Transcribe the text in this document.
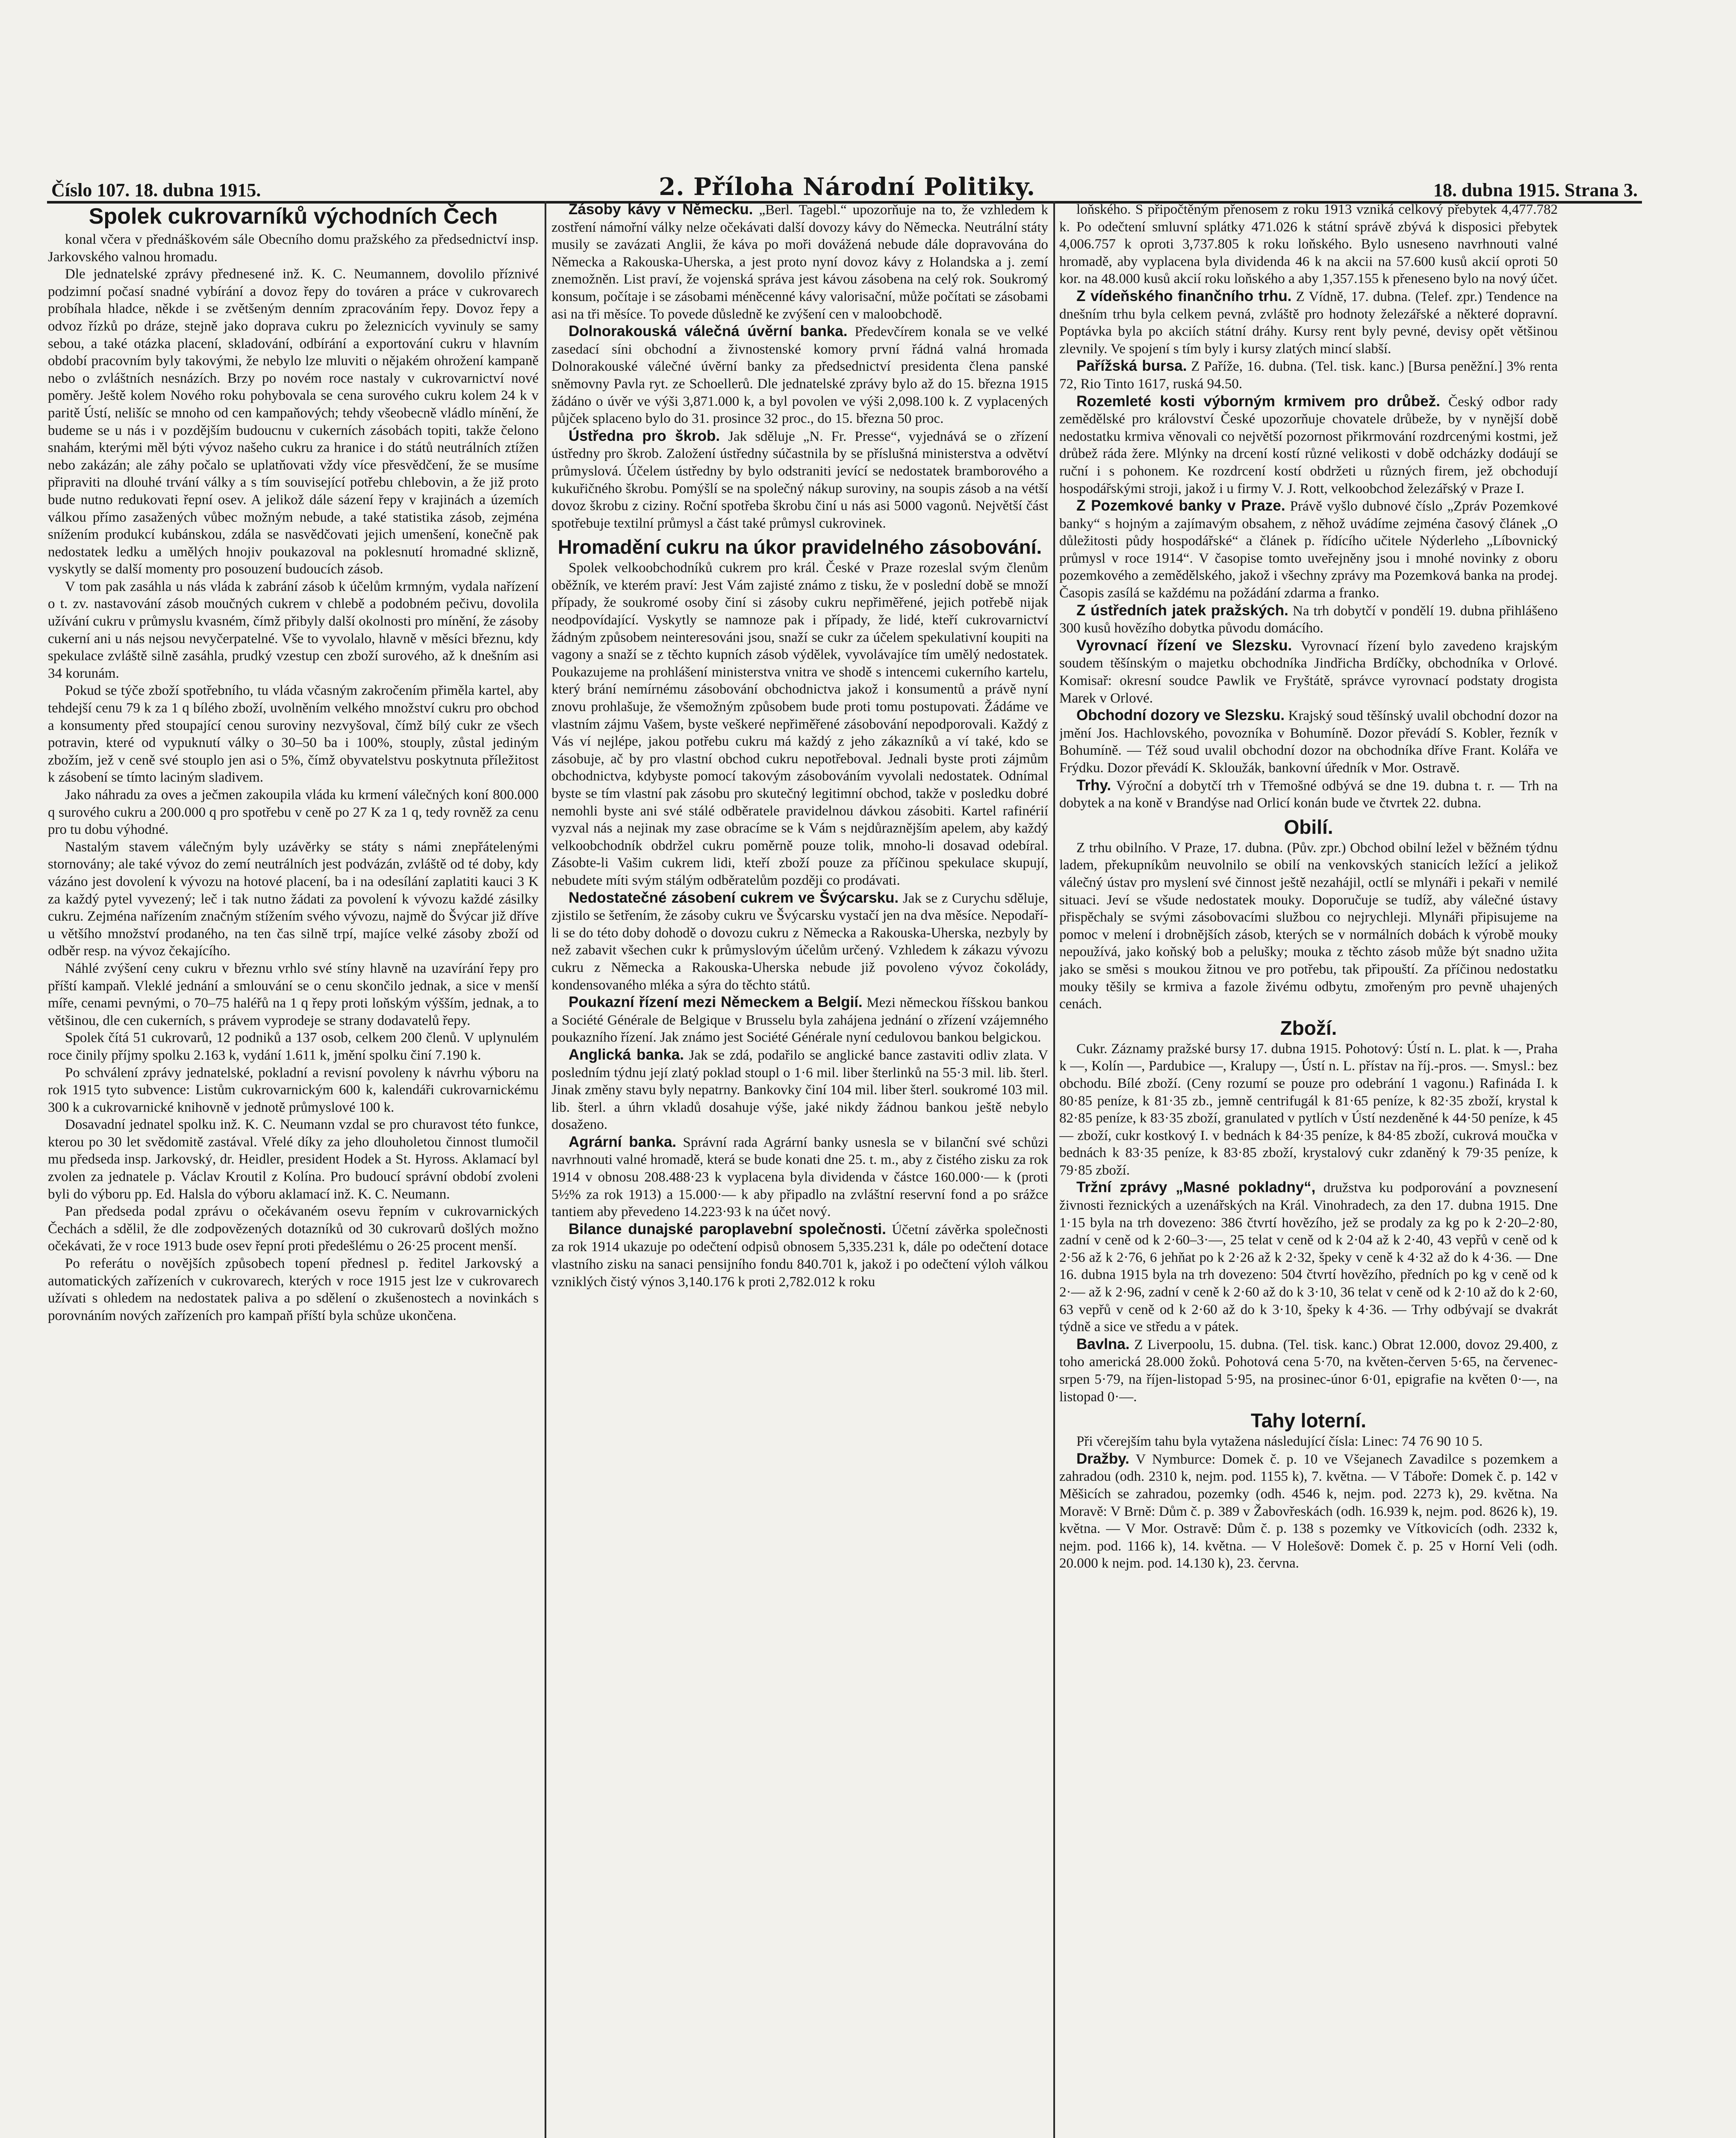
Číslo 107. 18. dubna 1915.	2. Příloha Národní Politiky.	18. dubna 1915. Strana 3.
Spolek cukrovarníků východních Čech

konal včera v přednáškovém sále Obecního domu pražského za předsednictví insp. Jarkovského valnou hromadu.

Dle jednatelské zprávy přednesené inž. K. C. Neumannem, dovolilo příznivé podzimní počasí snadné vybírání a dovoz řepy do továren a práce v cukrovarech probíhala hladce, někde i se zvětšeným denním zpracováním řepy. Dovoz řepy a odvoz řízků po dráze, stejně jako doprava cukru po železnicích vyvinuly se samy sebou, a také otázka placení, skladování, odbírání a exportování cukru v hlavním období pracovním byly takovými, že nebylo lze mluviti o nějakém ohrožení kampaně nebo o zvláštních nesnázích. Brzy po novém roce nastaly v cukrovarnictví nové poměry. Ještě kolem Nového roku pohybovala se cena surového cukru kolem 24 k v paritě Ústí, nelišíc se mnoho od cen kampaňových; tehdy všeobecně vládlo mínění, že budeme se u nás i v pozdějším budoucnu v cukerních zásobách topiti, takže čelono snahám, kterými měl býti vývoz našeho cukru za hranice i do států neutrálních ztížen nebo zakázán; ale záhy počalo se uplatňovati vždy více přesvědčení, že se musíme připraviti na dlouhé trvání války a s tím související potřebu chlebovin, a že již proto bude nutno redukovati řepní osev. A jelikož dále sázení řepy v krajinách a územích válkou přímo zasažených vůbec možným nebude, a také statistika zásob, zejména snížením produkcí kubánskou, zdála se nasvědčovati jejich umenšení, konečně pak nedostatek ledku a umělých hnojiv poukazoval na poklesnutí hromadné sklizně, vyskytly se další momenty pro posouzení budoucích zásob.

V tom pak zasáhla u nás vláda k zabrání zásob k účelům krmným, vydala nařízení o t. zv. nastavování zásob moučných cukrem v chlebě a podobném pečivu, dovolila užívání cukru v průmyslu kvasném, čímž přibyly další okolnosti pro mínění, že zásoby cukerní ani u nás nejsou nevyčerpatelné. Vše to vyvolalo, hlavně v měsíci březnu, kdy spekulace zvláště silně zasáhla, prudký vzestup cen zboží surového, až k dnešním asi 34 korunám.

Pokud se týče zboží spotřebního, tu vláda včasným zakročením přiměla kartel, aby tehdejší cenu 79 k za 1 q bílého zboží, uvolněním velkého množství cukru pro obchod a konsumenty před stoupající cenou suroviny nezvyšoval, čímž bílý cukr ze všech potravin, které od vypuknutí války o 30–50 ba i 100%, stouply, zůstal jediným zbožím, jež v ceně své stouplo jen asi o 5%, čímž obyvatelstvu poskytnuta příležitost k zásobení se tímto laciným sladivem.

Jako náhradu za oves a ječmen zakoupila vláda ku krmení válečných koní 800.000 q surového cukru a 200.000 q pro spotřebu v ceně po 27 K za 1 q, tedy rovněž za cenu pro tu dobu výhodné.

Nastalým stavem válečným byly uzávěrky se státy s námi znepřátelenými stornovány; ale také vývoz do zemí neutrálních jest podvázán, zvláště od té doby, kdy vázáno jest dovolení k vývozu na hotové placení, ba i na odesílání zaplatiti kauci 3 K za každý pytel vyvezený; leč i tak nutno žádati za povolení k vývozu každé zásilky cukru. Zejména nařízením značným stížením svého vývozu, najmě do Švýcar již dříve u většího množství prodaného, na ten čas silně trpí, majíce velké zásoby zboží od odběr resp. na vývoz čekajícího.

Náhlé zvýšení ceny cukru v březnu vrhlo své stíny hlavně na uzavírání řepy pro příští kampaň. Vleklé jednání a smlouvání se o cenu skončilo jednak, a sice v menší míře, cenami pevnými, o 70–75 haléřů na 1 q řepy proti loňským výšším, jednak, a to většinou, dle cen cukerních, s právem vyprodeje se strany dodavatelů řepy.

Spolek čítá 51 cukrovarů, 12 podniků a 137 osob, celkem 200 členů. V uplynulém roce činily příjmy spolku 2.163 k, vydání 1.611 k, jmění spolku činí 7.190 k.

Po schválení zprávy jednatelské, pokladní a revisní povoleny k návrhu výboru na rok 1915 tyto subvence: Listům cukrovarnickým 600 k, kalendáři cukrovarnickému 300 k a cukrovarnické knihovně v jednotě průmyslové 100 k.

Dosavadní jednatel spolku inž. K. C. Neumann vzdal se pro churavost této funkce, kterou po 30 let svědomitě zastával. Vřelé díky za jeho dlouholetou činnost tlumočil mu předseda insp. Jarkovský, dr. Heidler, president Hodek a St. Hyross. Aklamací byl zvolen za jednatele p. Václav Kroutil z Kolína. Pro budoucí správní období zvoleni byli do výboru pp. Ed. Halsla do výboru aklamací inž. K. C. Neumann.

Pan předseda podal zprávu o očekávaném osevu řepním v cukrovarnických Čechách a sdělil, že dle zodpovězených dotazníků od 30 cukrovarů došlých možno očekávati, že v roce 1913 bude osev řepní proti předešlému o 26·25 procent menší.

Po referátu o novějších způsobech topení přednesl p. ředitel Jarkovský a automatických zařízeních v cukrovarech, kterých v roce 1915 jest lze v cukrovarech užívati s ohledem na nedostatek paliva a po sdělení o zkušenostech a novinkách s porovnáním nových zařízeních pro kampaň příští byla schůze ukončena.

Zásoby kávy v Německu. „Berl. Tagebl.“ upozorňuje na to, že vzhledem k zostření námořní války nelze očekávati další dovozy kávy do Německa. Neutrální státy musily se zavázati Anglii, že káva po moři dovážená nebude dále dopravována do Německa a Rakouska-Uherska, a jest proto nyní dovoz kávy z Holandska a j. zemí znemožněn. List praví, že vojenská správa jest kávou zásobena na celý rok. Soukromý konsum, počítaje i se zásobami méněcenné kávy valorisační, může počítati se zásobami asi na tři měsíce. To povede důsledně ke zvýšení cen v maloobchodě.

Dolnorakouská válečná úvěrní banka. Předevčírem konala se ve velké zasedací síni obchodní a živnostenské komory první řádná valná hromada Dolnorakouské válečné úvěrní banky za předsednictví presidenta člena panské sněmovny Pavla ryt. ze Schoellerů. Dle jednatelské zprávy bylo až do 15. března 1915 žádáno o úvěr ve výši 3,871.000 k, a byl povolen ve výši 2,098.100 k. Z vyplacených půjček splaceno bylo do 31. prosince 32 proc., do 15. března 50 proc.

Ústředna pro škrob. Jak sděluje „N. Fr. Presse“, vyjednává se o zřízení ústředny pro škrob. Založení ústředny súčastnila by se příslušná ministerstva a odvětví průmyslová. Účelem ústředny by bylo odstraniti jevící se nedostatek bramborového a kukuřičného škrobu. Pomýšlí se na společný nákup suroviny, na soupis zásob a na vétší dovoz škrobu z ciziny. Roční spotřeba škrobu činí u nás asi 5000 vagonů. Největší část spotřebuje textilní průmysl a část také průmysl cukrovinek.

Hromadění cukru na úkor pravidelného zásobování.

Spolek velkoobchodníků cukrem pro král. České v Praze rozeslal svým členům oběžník, ve kterém praví: Jest Vám zajisté známo z tisku, že v poslední době se množí případy, že soukromé osoby činí si zásoby cukru nepřiměřené, jejich potřebě nijak neodpovídající. Vyskytly se namnoze pak i případy, že lidé, kteří cukrovarnictví žádným způsobem neinteresováni jsou, snaží se cukr za účelem spekulativní koupiti na vagony a snaží se z těchto kupních zásob výdělek, vyvolávajíce tím umělý nedostatek. Poukazujeme na prohlášení ministerstva vnitra ve shodě s intencemi cukerního kartelu, který brání nemírnému zásobování obchodnictva jakož i konsumentů a právě nyní znovu prohlašuje, že všemožným způsobem bude proti tomu postupovati. Žádáme ve vlastním zájmu Vašem, byste veškeré nepřiměřené zásobování nepodporovali. Každý z Vás ví nejlépe, jakou potřebu cukru má každý z jeho zákazníků a ví také, kdo se zásobuje, ač by pro vlastní obchod cukru nepotřeboval. Jednali byste proti zájmům obchodnictva, kdybyste pomocí takovým zásobováním vyvolali nedostatek. Odnímal byste se tím vlastní pak zásobu pro skutečný legitimní obchod, takže v posledku dobré nemohli byste ani své stálé odběratele pravidelnou dávkou zásobiti. Kartel rafinérií vyzval nás a nejinak my zase obracíme se k Vám s nejdůraznějším apelem, aby každý velkoobchodník obdržel cukru poměrně pouze tolik, mnoho-li dosavad odebíral. Zásobte-li Vašim cukrem lidi, kteří zboží pouze za příčinou spekulace skupují, nebudete míti svým stálým odběratelům později co prodávati.

Nedostatečné zásobení cukrem ve Švýcarsku. Jak se z Curychu sděluje, zjistilo se šetřením, že zásoby cukru ve Švýcarsku vystačí jen na dva měsíce. Nepodaří-li se do této doby dohodě o dovozu cukru z Německa a Rakouska-Uherska, nezbyly by než zabavit všechen cukr k průmyslovým účelům určený. Vzhledem k zákazu vývozu cukru z Německa a Rakouska-Uherska nebude již povoleno vývoz čokolády, kondensovaného mléka a sýra do těchto států.

Poukazní řízení mezi Německem a Belgií. Mezi německou říšskou bankou a Société Générale de Belgique v Brusselu byla zahájena jednání o zřízení vzájemného poukazního řízení. Jak známo jest Société Générale nyní cedulovou bankou belgickou.

Anglická banka. Jak se zdá, podařilo se anglické bance zastaviti odliv zlata. V posledním týdnu její zlatý poklad stoupl o 1·6 mil. liber šterlinků na 55·3 mil. lib. šterl. Jinak změny stavu byly nepatrny. Bankovky činí 104 mil. liber šterl. soukromé 103 mil. lib. šterl. a úhrn vkladů dosahuje výše, jaké nikdy žádnou bankou ještě nebylo dosaženo.

Agrární banka. Správní rada Agrární banky usnesla se v bilanční své schůzi navrhnouti valné hromadě, která se bude konati dne 25. t. m., aby z čistého zisku za rok 1914 v obnosu 208.488·23 k vyplacena byla dividenda v částce 160.000·— k (proti 5½% za rok 1913) a 15.000·— k aby připadlo na zvláštní reservní fond a po srážce tantiem aby převedeno 14.223·93 k na účet nový.

Bilance dunajské paroplavební společnosti. Účetní závěrka společnosti za rok 1914 ukazuje po odečtení odpisů obnosem 5,335.231 k, dále po odečtení dotace vlastního zisku na sanaci pensijního fondu 840.701 k, jakož i po odečtení výloh válkou vzniklých čistý výnos 3,140.176 k proti 2,782.012 k roku

loňského. S připočtěným přenosem z roku 1913 vzniká celkový přebytek 4,477.782 k. Po odečtení smluvní splátky 471.026 k státní správě zbývá k disposici přebytek 4,006.757 k oproti 3,737.805 k roku loňského. Bylo usneseno navrhnouti valné hromadě, aby vyplacena byla dividenda 46 k na akcii na 57.600 kusů akcií oproti 50 kor. na 48.000 kusů akcií roku loňského a aby 1,357.155 k přeneseno bylo na nový účet.

Z vídeňského finančního trhu. Z Vídně, 17. dubna. (Telef. zpr.) Tendence na dnešním trhu byla celkem pevná, zvláště pro hodnoty železářské a některé dopravní. Poptávka byla po akciích státní dráhy. Kursy rent byly pevné, devisy opět většinou zlevnily. Ve spojení s tím byly i kursy zlatých mincí slabší.

Pařížská bursa. Z Paříže, 16. dubna. (Tel. tisk. kanc.) [Bursa peněžní.] 3% renta 72, Rio Tinto 1617, ruská 94.50.

Rozemleté kosti výborným krmivem pro drůbež. Český odbor rady zemědělské pro království České upozorňuje chovatele drůbeže, by v nynější době nedostatku krmiva věnovali co největší pozornost přikrmování rozdrcenými kostmi, jež drůbež ráda žere. Mlýnky na drcení kostí různé velikosti v době odcházky dodáují se ruční i s pohonem. Ke rozdrcení kostí obdržeti u různých firem, jež obchodují hospodářskými stroji, jakož i u firmy V. J. Rott, velkoobchod železářský v Praze I.

Z Pozemkové banky v Praze. Právě vyšlo dubnové číslo „Zpráv Pozemkové banky“ s hojným a zajímavým obsahem, z něhož uvádíme zejména časový článek „O důležitosti půdy hospodářské“ a článek p. řídícího učitele Nýderleho „Líbovnický průmysl v roce 1914“. V časopise tomto uveřejněny jsou i mnohé novinky z oboru pozemkového a zemědělského, jakož i všechny zprávy ma Pozemková banka na prodej. Časopis zasílá se každému na požádání zdarma a franko.

Z ústředních jatek pražských. Na trh dobytčí v pondělí 19. dubna přihlášeno 300 kusů hovězího dobytka původu domácího.

Vyrovnací řízení ve Slezsku. Vyrovnací řízení bylo zavedeno krajským soudem těšínským o majetku obchodníka Jindřicha Brdíčky, obchodníka v Orlové. Komisař: okresní soudce Pawlik ve Fryštátě, správce vyrovnací podstaty drogista Marek v Orlové.

Obchodní dozory ve Slezsku. Krajský soud těšínský uvalil obchodní dozor na jmění Jos. Hachlovského, povozníka v Bohumíně. Dozor převádí S. Kobler, řezník v Bohumíně. — Též soud uvalil obchodní dozor na obchodníka dříve Frant. Kolářa ve Frýdku. Dozor převádí K. Skloužák, bankovní úředník v Mor. Ostravě.

Trhy. Výroční a dobytčí trh v Třemošné odbývá se dne 19. dubna t. r. — Trh na dobytek a na koně v Brandýse nad Orlicí konán bude ve čtvrtek 22. dubna.

Obilí.

Z trhu obilního. V Praze, 17. dubna. (Pův. zpr.) Obchod obilní ležel v běžném týdnu ladem, překupníkům neuvolnilo se obilí na venkovských stanicích ležící a jelikož válečný ústav pro myslení své činnost ještě nezahájil, octlí se mlynáři i pekaři v nemilé situaci. Jeví se všude nedostatek mouky. Doporučuje se tudíž, aby válečné ústavy přispěchaly se svými zásobovacími službou co nejrychleji. Mlynáři připisujeme na pomoc v melení i drobnějších zásob, kterých se v normálních dobách k výrobě mouky nepoužívá, jako koňský bob a pelušky; mouka z těchto zásob může být snadno užita jako se směsi s moukou žitnou ve pro potřebu, tak připouští. Za příčinou nedostatku mouky těšily se krmiva a fazole živému odbytu, zmořeným pro pevně uhajených cenách.

Zboží.

Cukr. Záznamy pražské bursy 17. dubna 1915. Pohotový: Ústí n. L. plat. k —, Praha k —, Kolín —, Pardubice —, Kralupy —, Ústí n. L. přístav na říj.-pros. —. Smysl.: bez obchodu. Bílé zboží. (Ceny rozumí se pouze pro odebrání 1 vagonu.) Rafináda I. k 80·85 peníze, k 81·35 zb., jemně centrifugál k 81·65 peníze, k 82·35 zboží, krystal k 82·85 peníze, k 83·35 zboží, granulated v pytlích v Ústí nezdeněné k 44·50 peníze, k 45— zboží, cukr kostkový I. v bednách k 84·35 peníze, k 84·85 zboží, cukrová moučka v bednách k 83·35 peníze, k 83·85 zboží, krystalový cukr zdaněný k 79·35 peníze, k 79·85 zboží.

Tržní zprávy „Masné pokladny“, družstva ku podporování a povznesení živnosti řeznických a uzenářských na Král. Vinohradech, za den 17. dubna 1915. Dne 1·15 byla na trh dovezeno: 386 čtvrtí hovězího, jež se prodaly za kg po k 2·20–2·80, zadní v ceně od k 2·60–3·—, 25 telat v ceně od k 2·04 až k 2·40, 43 vepřů v ceně od k 2·56 až k 2·76, 6 jehňat po k 2·26 až k 2·32, špeky v ceně k 4·32 až do k 4·36. — Dne 16. dubna 1915 byla na trh dovezeno: 504 čtvrtí hovězího, předních po kg v ceně od k 2·— až k 2·96, zadní v ceně k 2·60 až do k 3·10, 36 telat v ceně od k 2·10 až do k 2·60, 63 vepřů v ceně od k 2·60 až do k 3·10, špeky k 4·36. — Trhy odbývají se dvakrát týdně a sice ve středu a v pátek.

Bavlna. Z Liverpoolu, 15. dubna. (Tel. tisk. kanc.) Obrat 12.000, dovoz 29.400, z toho americká 28.000 žoků. Pohotová cena 5·70, na květen-červen 5·65, na červenec-srpen 5·79, na říjen-listopad 5·95, na prosinec-únor 6·01, epigrafie na květen 0·—, na listopad 0·—.

Tahy loterní.

Při včerejším tahu byla vytažena následující čísla: Linec: 74 76 90 10 5.

Dražby. V Nymburce: Domek č. p. 10 ve Všejanech Zavadilce s pozemkem a zahradou (odh. 2310 k, nejm. pod. 1155 k), 7. května. — V Táboře: Domek č. p. 142 v Měšicích se zahradou, pozemky (odh. 4546 k, nejm. pod. 2273 k), 29. května. Na Moravě: V Brně: Dům č. p. 389 v Žabovřeskách (odh. 16.939 k, nejm. pod. 8626 k), 19. května. — V Mor. Ostravě: Dům č. p. 138 s pozemky ve Vítkovicích (odh. 2332 k, nejm. pod. 1166 k), 14. května. — V Holešově: Domek č. p. 25 v Horní Veli (odh. 20.000 k nejm. pod. 14.130 k), 23. června.
